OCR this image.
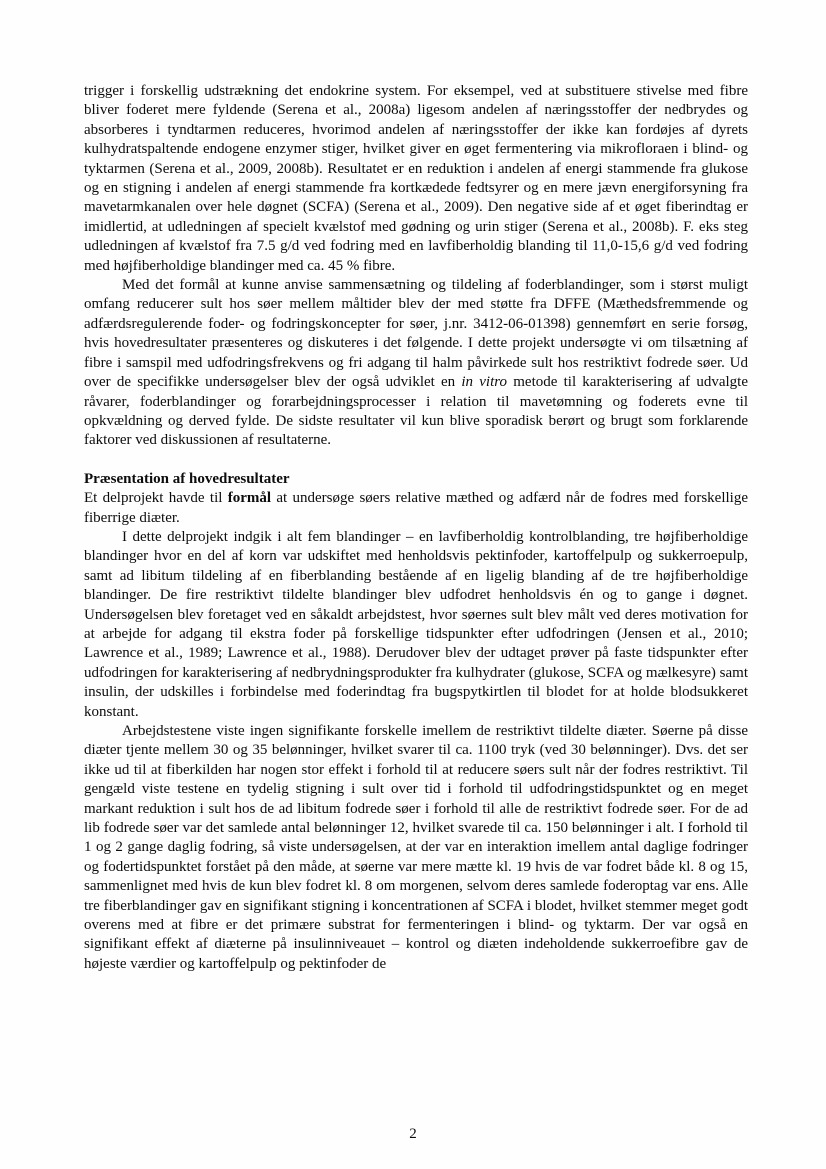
trigger i forskellig udstrækning det endokrine system. For eksempel, ved at substituere stivelse med fibre bliver foderet mere fyldende (Serena et al., 2008a) ligesom andelen af næringsstoffer der nedbrydes og absorberes i tyndtarmen reduceres, hvorimod andelen af næringsstoffer der ikke kan fordøjes af dyrets kulhydratspaltende endogene enzymer stiger, hvilket giver en øget fermentering via mikrofloraen i blind- og tyktarmen (Serena et al., 2009, 2008b). Resultatet er en reduktion i andelen af energi stammende fra glukose og en stigning i andelen af energi stammende fra kortkædede fedtsyrer og en mere jævn energiforsyning fra mavetarmkanalen over hele døgnet (SCFA) (Serena et al., 2009). Den negative side af et øget fiberindtag er imidlertid, at udledningen af specielt kvælstof med gødning og urin stiger (Serena et al., 2008b). F. eks steg udledningen af kvælstof fra 7.5 g/d ved fodring med en lavfiberholdig blanding til 11,0-15,6 g/d ved fodring med højfiberholdige blandinger med ca. 45 % fibre.

Med det formål at kunne anvise sammensætning og tildeling af foderblandinger, som i størst muligt omfang reducerer sult hos søer mellem måltider blev der med støtte fra DFFE (Mæthedsfremmende og adfærdsregulerende foder- og fodringskoncepter for søer, j.nr. 3412-06-01398) gennemført en serie forsøg, hvis hovedresultater præsenteres og diskuteres i det følgende. I dette projekt undersøgte vi om tilsætning af fibre i samspil med udfodringsfrekvens og fri adgang til halm påvirkede sult hos restriktivt fodrede søer. Ud over de specifikke undersøgelser blev der også udviklet en in vitro metode til karakterisering af udvalgte råvarer, foderblandinger og forarbejdningsprocesser i relation til mavetømning og foderets evne til opkvældning og derved fylde. De sidste resultater vil kun blive sporadisk berørt og brugt som forklarende faktorer ved diskussionen af resultaterne.

Præsentation af hovedresultater

Et delprojekt havde til formål at undersøge søers relative mæthed og adfærd når de fodres med forskellige fiberrige diæter.

I dette delprojekt indgik i alt fem blandinger – en lavfiberholdig kontrolblanding, tre højfiberholdige blandinger hvor en del af korn var udskiftet med henholdsvis pektinfoder, kartoffelpulp og sukkerroepulp, samt ad libitum tildeling af en fiberblanding bestående af en ligelig blanding af de tre højfiberholdige blandinger. De fire restriktivt tildelte blandinger blev udfodret henholdsvis én og to gange i døgnet. Undersøgelsen blev foretaget ved en såkaldt arbejdstest, hvor søernes sult blev målt ved deres motivation for at arbejde for adgang til ekstra foder på forskellige tidspunkter efter udfodringen (Jensen et al., 2010; Lawrence et al., 1989; Lawrence et al., 1988). Derudover blev der udtaget prøver på faste tidspunkter efter udfodringen for karakterisering af nedbrydningsprodukter fra kulhydrater (glukose, SCFA og mælkesyre) samt insulin, der udskilles i forbindelse med foderindtag fra bugspytkirtlen til blodet for at holde blodsukkeret konstant.

Arbejdstestene viste ingen signifikante forskelle imellem de restriktivt tildelte diæter. Søerne på disse diæter tjente mellem 30 og 35 belønninger, hvilket svarer til ca. 1100 tryk (ved 30 belønninger). Dvs. det ser ikke ud til at fiberkilden har nogen stor effekt i forhold til at reducere søers sult når der fodres restriktivt. Til gengæld viste testene en tydelig stigning i sult over tid i forhold til udfodringstidspunktet og en meget markant reduktion i sult hos de ad libitum fodrede søer i forhold til alle de restriktivt fodrede søer. For de ad lib fodrede søer var det samlede antal belønninger 12, hvilket svarede til ca. 150 belønninger i alt. I forhold til 1 og 2 gange daglig fodring, så viste undersøgelsen, at der var en interaktion imellem antal daglige fodringer og fodertidspunktet forstået på den måde, at søerne var mere mætte kl. 19 hvis de var fodret både kl. 8 og 15, sammenlignet med hvis de kun blev fodret kl. 8 om morgenen, selvom deres samlede foderoptag var ens. Alle tre fiberblandinger gav en signifikant stigning i koncentrationen af SCFA i blodet, hvilket stemmer meget godt overens med at fibre er det primære substrat for fermenteringen i blind- og tyktarm. Der var også en signifikant effekt af diæterne på insulinniveauet – kontrol og diæten indeholdende sukkerroefibre gav de højeste værdier og kartoffelpulp og pektinfoder de

2
